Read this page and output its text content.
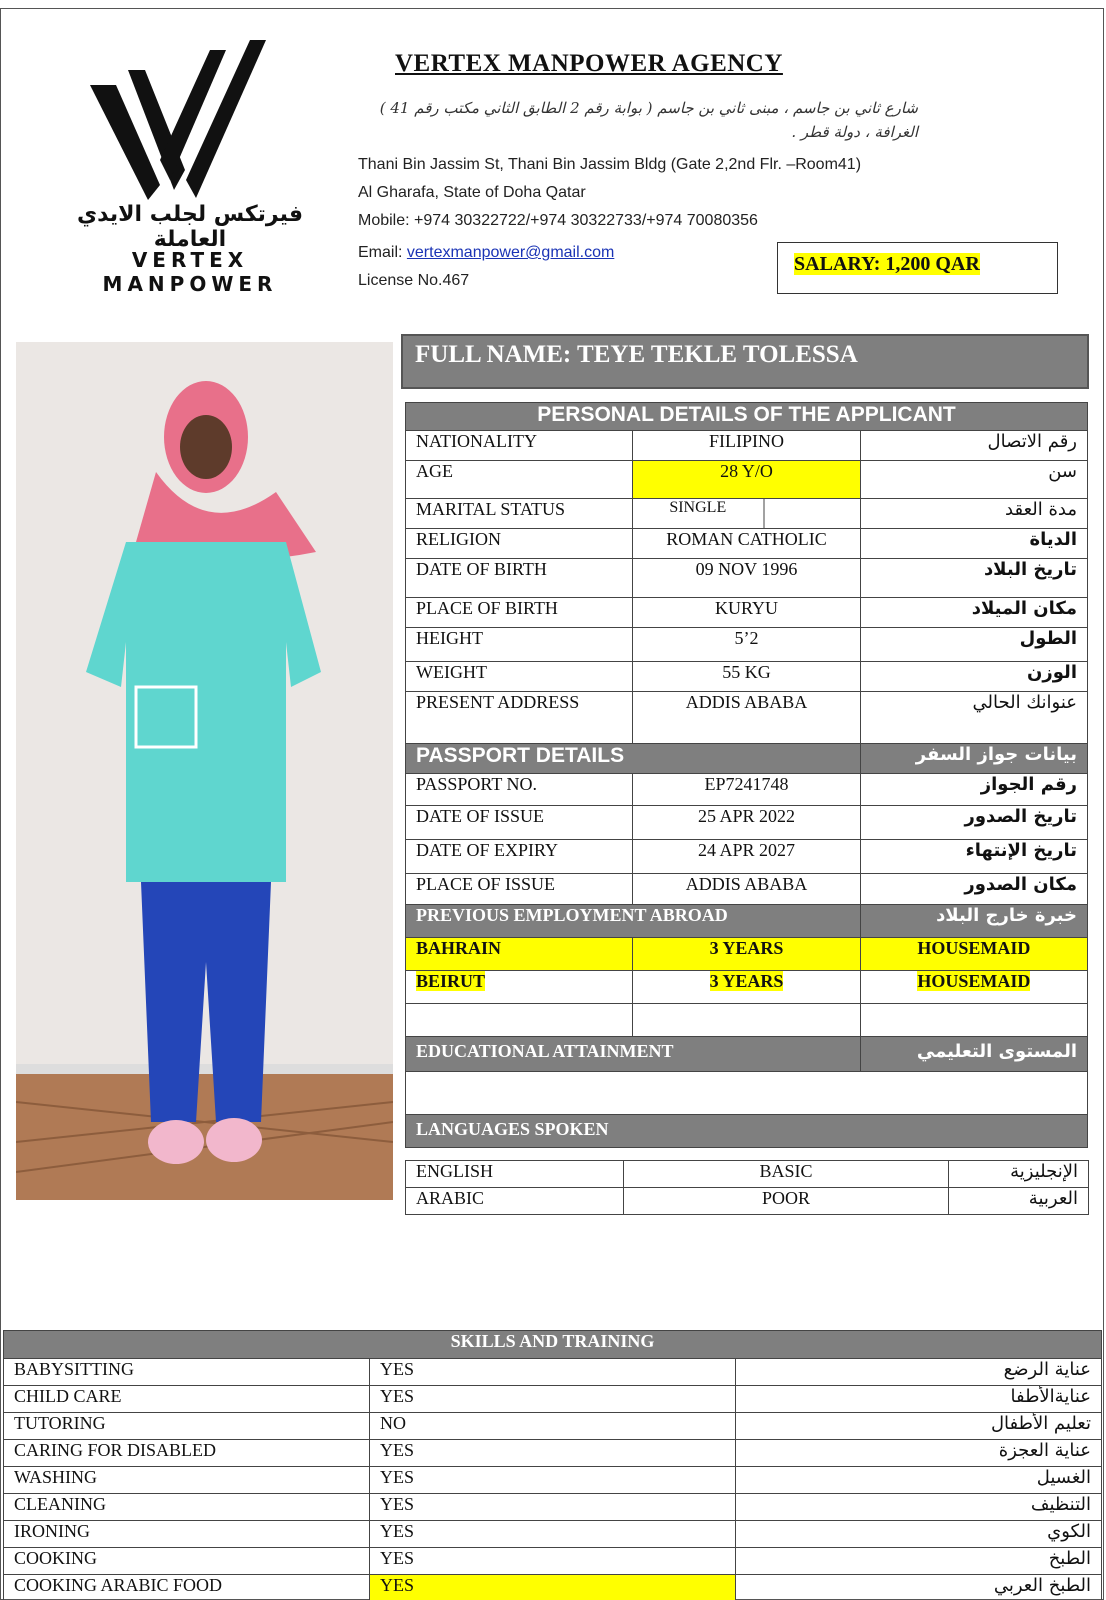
فيرتكس لجلب الايدي العاملة
VERTEX MANPOWER
VERTEX MANPOWER AGENCY
شارع ثاني بن جاسم ، مبنى ثاني بن جاسم ( بوابة رقم 2 الطابق الثاني مكتب رقم 41 )
الغرافة ، دولة قطر .
Thani Bin Jassim St, Thani Bin Jassim Bldg (Gate 2,2nd Flr. –Room41)
Al Gharafa, State of Doha Qatar
Mobile: +974 30322722/+974 30322733/+974 70080356
Email: vertexmanpower@gmail.com
License No.467
SALARY: 1,200 QAR
FULL NAME: TEYE TEKLE TOLESSA
PERSONAL DETAILS OF THE APPLICANT		
NATIONALITY	FILIPINO	رقم الاتصال
AGE	28 Y/O	سن
MARITAL STATUS	SINGLE	مدة العقد
RELIGION	ROMAN CATHOLIC	الدياة
DATE OF BIRTH	09 NOV 1996	تاريخ البلاد
PLACE OF BIRTH	KURYU	مكان الميلاد
HEIGHT	5’2	الطول
WEIGHT	55 KG	الوزن
PRESENT ADDRESS	ADDIS ABABA	عنوانك الحالي
PASSPORT DETAILS		بيانات جواز السفر
PASSPORT NO.	EP7241748	رقم الجواز
DATE OF ISSUE	25 APR 2022	تاريخ الصدور
DATE OF EXPIRY	24 APR 2027	تاريخ الإنتهاء
PLACE OF ISSUE	ADDIS ABABA	مكان الصدور
PREVIOUS EMPLOYMENT ABROAD		خبرة خارج البلاد
BAHRAIN	3 YEARS	HOUSEMAID
BEIRUT	3 YEARS	HOUSEMAID

EDUCATIONAL ATTAINMENT		المستوى التعليمي

LANGUAGES SPOKEN		
ENGLISH	BASIC	الإنجليزية
ARABIC	POOR	العربية
SKILLS AND TRAINING		
BABYSITTING	YES	عناية الرضع
CHILD CARE	YES	عنايةالأطفا
TUTORING	NO	تعليم الأطفال
CARING FOR DISABLED	YES	عناية العجزة
WASHING	YES	الغسيل
CLEANING	YES	التنظيف
IRONING	YES	الكوي
COOKING	YES	الطبخ
COOKING ARABIC FOOD	YES	الطبخ العربي
